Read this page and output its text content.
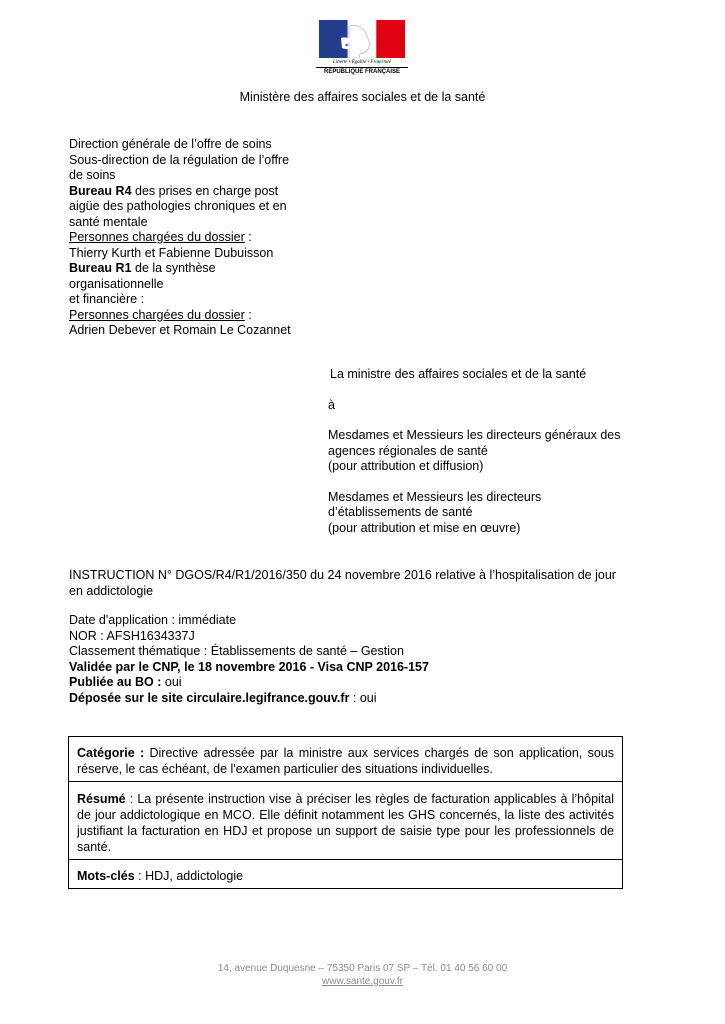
Liberté • Égalité • Fraternité
RÉPUBLIQUE FRANÇAISE
Ministère des affaires sociales et de la santé

Direction générale de l’offre de soins

Sous-direction de la régulation de l’offre

de soins

Bureau R4 des prises en charge post

aigüe des pathologies chroniques et en

santé mentale

Personnes chargées du dossier :

Thierry Kurth et Fabienne Dubuisson

Bureau R1 de la synthèse

organisationnelle

et financière :

Personnes chargées du dossier :

Adrien Debever et Romain Le Cozannet

La ministre des affaires sociales et de la santé

à

Mesdames et Messieurs les directeurs généraux des

agences régionales de santé

(pour attribution et diffusion)

Mesdames et Messieurs les directeurs

d’établissements de santé

(pour attribution et mise en œuvre)

INSTRUCTION N° DGOS/R4/R1/2016/350 du 24 novembre 2016 relative à l’hospitalisation de jour

en addictologie

Date d'application : immédiate

NOR : AFSH1634337J

Classement thématique : Établissements de santé – Gestion

Validée par le CNP, le 18 novembre 2016 - Visa CNP 2016-157

Publiée au BO : oui

Déposée sur le site circulaire.legifrance.gouv.fr : oui

Catégorie : Directive adressée par la ministre aux services chargés de son application, sous réserve, le cas échéant, de l'examen particulier des situations individuelles.
Résumé : La présente instruction vise à préciser les règles de facturation applicables à l’hôpital de jour addictologique en MCO. Elle définit notamment les GHS concernés, la liste des activités justifiant la facturation en HDJ et propose un support de saisie type pour les professionnels de santé.
Mots-clés : HDJ, addictologie
14, avenue Duquesne – 75350 Paris 07 SP – Tél. 01 40 56 60 00
www.sante.gouv.fr
